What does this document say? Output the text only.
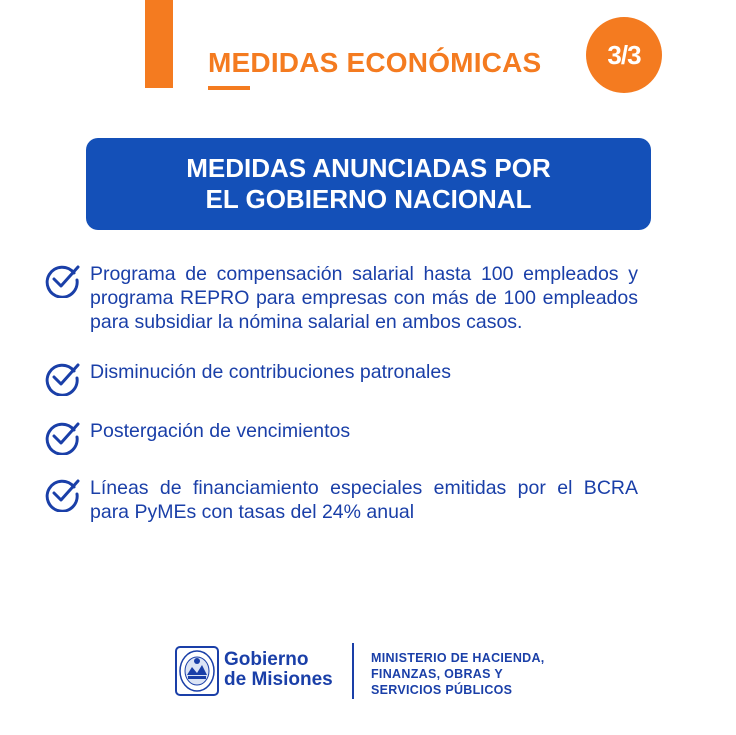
MEDIDAS ECONÓMICAS	3/3
MEDIDAS ANUNCIADAS POR
EL GOBIERNO NACIONAL
Programa de compensación salarial hasta 100 empleados y programa REPRO para empresas con más de 100 empleados para subsidiar la nómina salarial en ambos casos.
Disminución de contribuciones patronales
Postergación de vencimientos
Líneas de financiamiento especiales emitidas por el BCRA para PyMEs con tasas del 24% anual
Gobierno
de Misiones
MINISTERIO DE HACIENDA,
FINANZAS, OBRAS Y
SERVICIOS PÚBLICOS
